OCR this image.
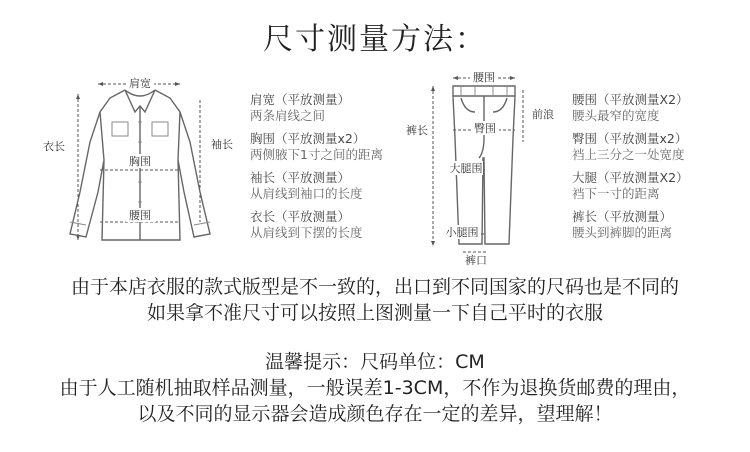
尺寸测量方法：
肩宽
衣长	袖长
胸围
腰围
肩宽（平放测量）
两条肩线之间
胸围（平放测量x2）
两侧腋下1寸之间的距离
袖长（平放测量）
从肩线到袖口的长度
衣长（平放测量）
从肩线到下摆的长度
腰围
裤长
前浪
臀围
大腿围
小腿围
裤口
腰围（平放测量X2）
腰头最窄的宽度
臀围（平放测量x2）
裆上三分之一处宽度
大腿（平放测量X2）
裆下一寸的距离
裤长（平放测量）
腰头到裤脚的距离
由于本店衣服的款式版型是不一致的，出口到不同国家的尺码也是不同的
如果拿不准尺寸可以按照上图测量一下自己平时的衣服
温馨提示：尺码单位：CM
由于人工随机抽取样品测量，一般误差1-3CM，不作为退换货邮费的理由，
以及不同的显示器会造成颜色存在一定的差异，望理解！
